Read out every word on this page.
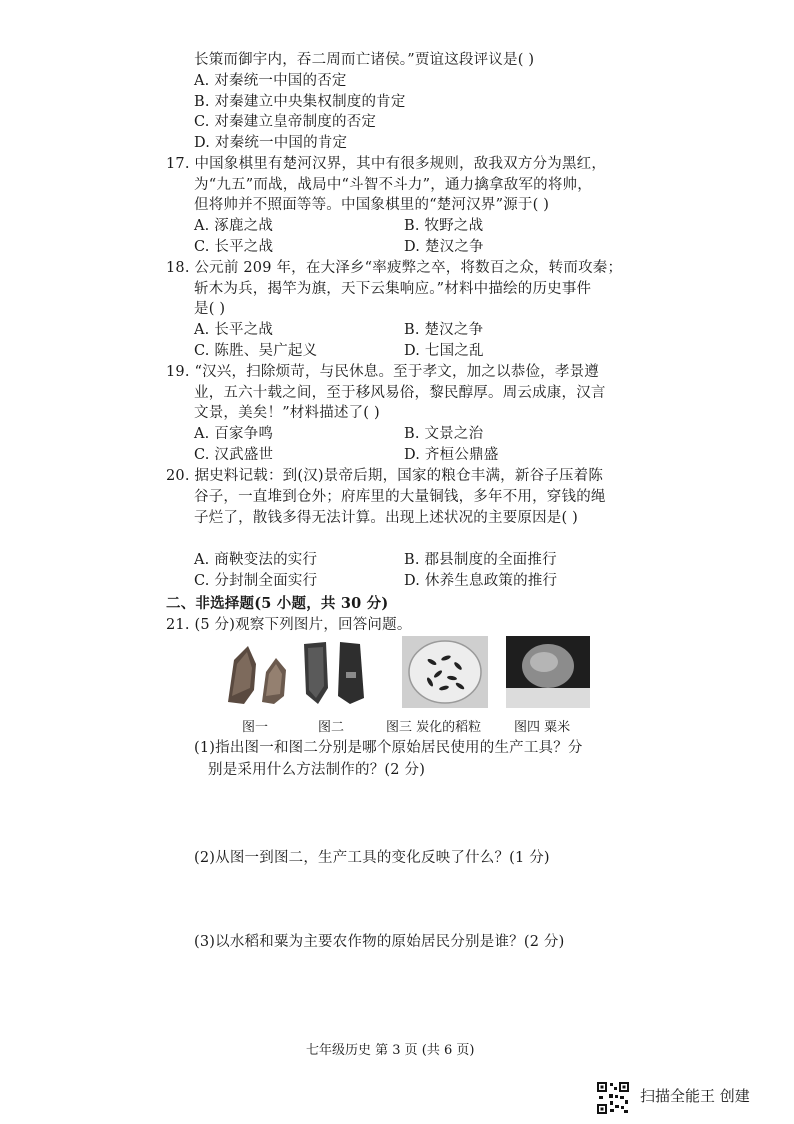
长策而御宇内，吞二周而亡诸侯。”贾谊这段评议是( )
A. 对秦统一中国的否定
B. 对秦建立中央集权制度的肯定
C. 对秦建立皇帝制度的否定
D. 对秦统一中国的肯定
17. 中国象棋里有楚河汉界，其中有很多规则，敌我双方分为黑红，
为“九五”而战，战局中“斗智不斗力”，通力擒拿敌军的将帅，
但将帅并不照面等等。中国象棋里的“楚河汉界”源于( )
A. 涿鹿之战	B. 牧野之战
C. 长平之战	D. 楚汉之争
18. 公元前 209 年，在大泽乡“率疲弊之卒，将数百之众，转而攻秦；
斩木为兵，揭竿为旗，天下云集响应。”材料中描绘的历史事件
是( )
A. 长平之战	B. 楚汉之争
C. 陈胜、吴广起义	D. 七国之乱
19. “汉兴，扫除烦苛，与民休息。至于孝文，加之以恭俭，孝景遵
业，五六十载之间，至于移风易俗，黎民醇厚。周云成康，汉言
文景，美矣！”材料描述了( )
A. 百家争鸣	B. 文景之治
C. 汉武盛世	D. 齐桓公鼎盛
20. 据史料记载：到(汉)景帝后期，国家的粮仓丰满，新谷子压着陈
谷子，一直堆到仓外；府库里的大量铜钱，多年不用，穿钱的绳
子烂了，散钱多得无法计算。出现上述状况的主要原因是( )
A. 商鞅变法的实行	B. 郡县制度的全面推行
C. 分封制全面实行	D. 休养生息政策的推行
二、非选择题(5 小题，共 30 分)
21. (5 分)观察下列图片，回答问题。
图一	图二	图三 炭化的稻粒	图四 粟米
(1)指出图一和图二分别是哪个原始居民使用的生产工具？分
别是采用什么方法制作的？(2 分)
(2)从图一到图二，生产工具的变化反映了什么？(1 分)
(3)以水稻和粟为主要农作物的原始居民分别是谁？(2 分)
七年级历史 第 3 页 (共 6 页)
扫描全能王 创建
